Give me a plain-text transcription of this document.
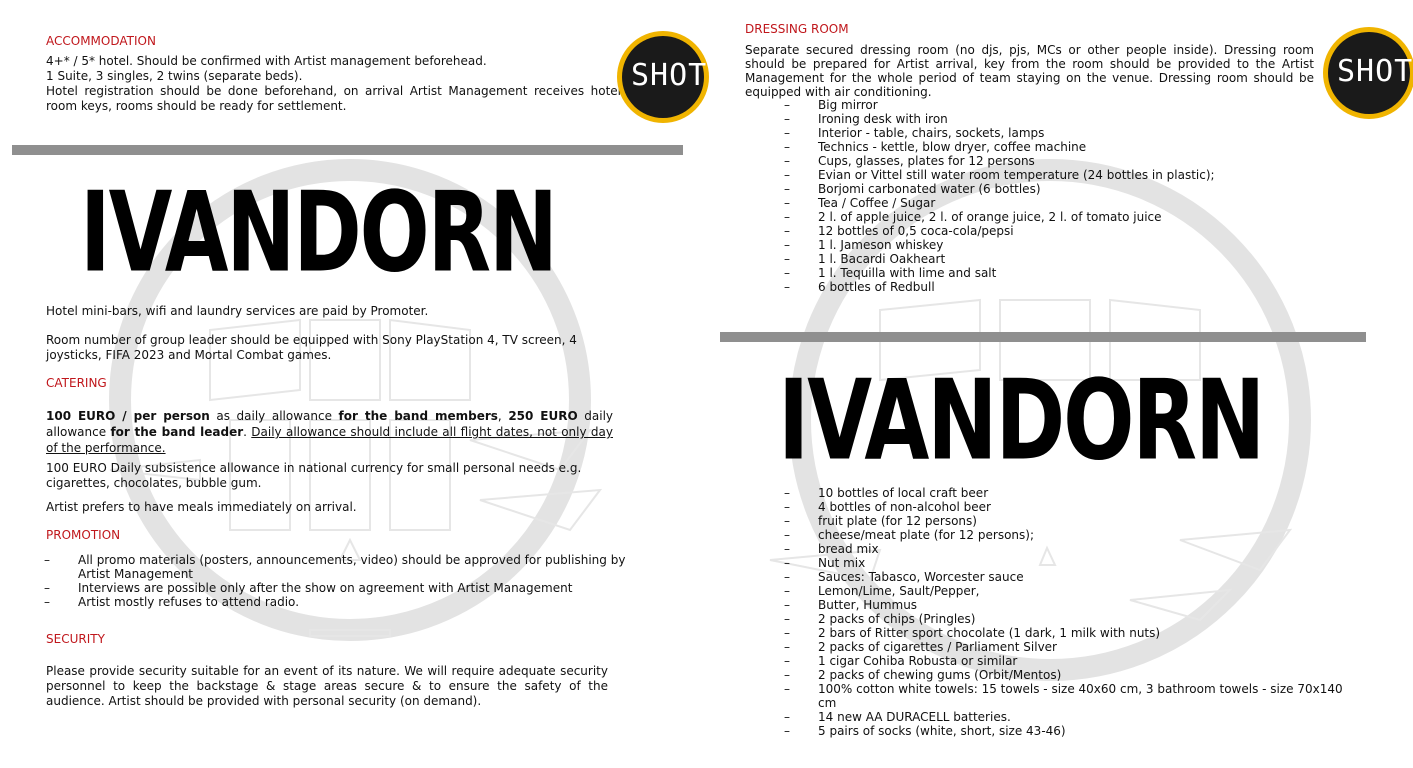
ACCOMMODATION
4+* / 5* hotel. Should be confirmed with Artist management beforehead.
1 Suite, 3 singles, 2 twins (separate beds).
Hotel registration should be done beforehand, on arrival Artist Management receives hotel room keys, rooms should be ready for settlement.
SHOT
IVANDORN
Hotel mini-bars, wifi and laundry services are paid by Promoter.
Room number of group leader should be equipped with Sony PlayStation 4, TV screen, 4 joysticks, FIFA 2023 and Mortal Combat games.
CATERING
100 EURO / per person as daily allowance for the band members, 250 EURO daily allowance for the band leader. Daily allowance should include all flight dates, not only day of the performance.
100 EURO Daily subsistence allowance in national currency for small personal needs e.g. cigarettes, chocolates, bubble gum.
Artist prefers to have meals immediately on arrival.
PROMOTION
– All promo materials (posters, announcements, video) should be approved for publishing by Artist Management
– Interviews are possible only after the show on agreement with Artist Management
– Artist mostly refuses to attend radio.
SECURITY
Please provide security suitable for an event of its nature. We will require adequate security personnel to keep the backstage & stage areas secure & to ensure the safety of the audience. Artist should be provided with personal security (on demand).
DRESSING ROOM
Separate secured dressing room (no djs, pjs, MCs or other people inside). Dressing room should be prepared for Artist arrival, key from the room should be provided to the Artist Management for the whole period of team staying on the venue. Dressing room should be equipped with air conditioning.
SHOT
– Big mirror
– Ironing desk with iron
– Interior - table, chairs, sockets, lamps
– Technics - kettle, blow dryer, coffee machine
– Cups, glasses, plates for 12 persons
– Evian or Vittel still water room temperature (24 bottles in plastic);
– Borjomi carbonated water (6 bottles)
– Tea / Coffee / Sugar
– 2 l. of apple juice, 2 l. of orange juice, 2 l. of tomato juice
– 12 bottles of 0,5 coca-cola/pepsi
– 1 l. Jameson whiskey
– 1 l. Bacardi Oakheart
– 1 l. Tequilla with lime and salt
– 6 bottles of Redbull
IVANDORN
– 10 bottles of local craft beer
– 4 bottles of non-alcohol beer
– fruit plate (for 12 persons)
– cheese/meat plate (for 12 persons);
– bread mix
– Nut mix
– Sauces: Tabasco, Worcester sauce
– Lemon/Lime, Sault/Pepper,
– Butter, Hummus
– 2 packs of chips (Pringles)
– 2 bars of Ritter sport chocolate (1 dark, 1 milk with nuts)
– 2 packs of cigarettes / Parliament Silver
– 1 cigar Cohiba Robusta or similar
– 2 packs of chewing gums (Orbit/Mentos)
– 100% cotton white towels: 15 towels - size 40x60 cm, 3 bathroom towels - size 70x140 cm
– 14 new AA DURACELL batteries.
– 5 pairs of socks (white, short, size 43-46)
